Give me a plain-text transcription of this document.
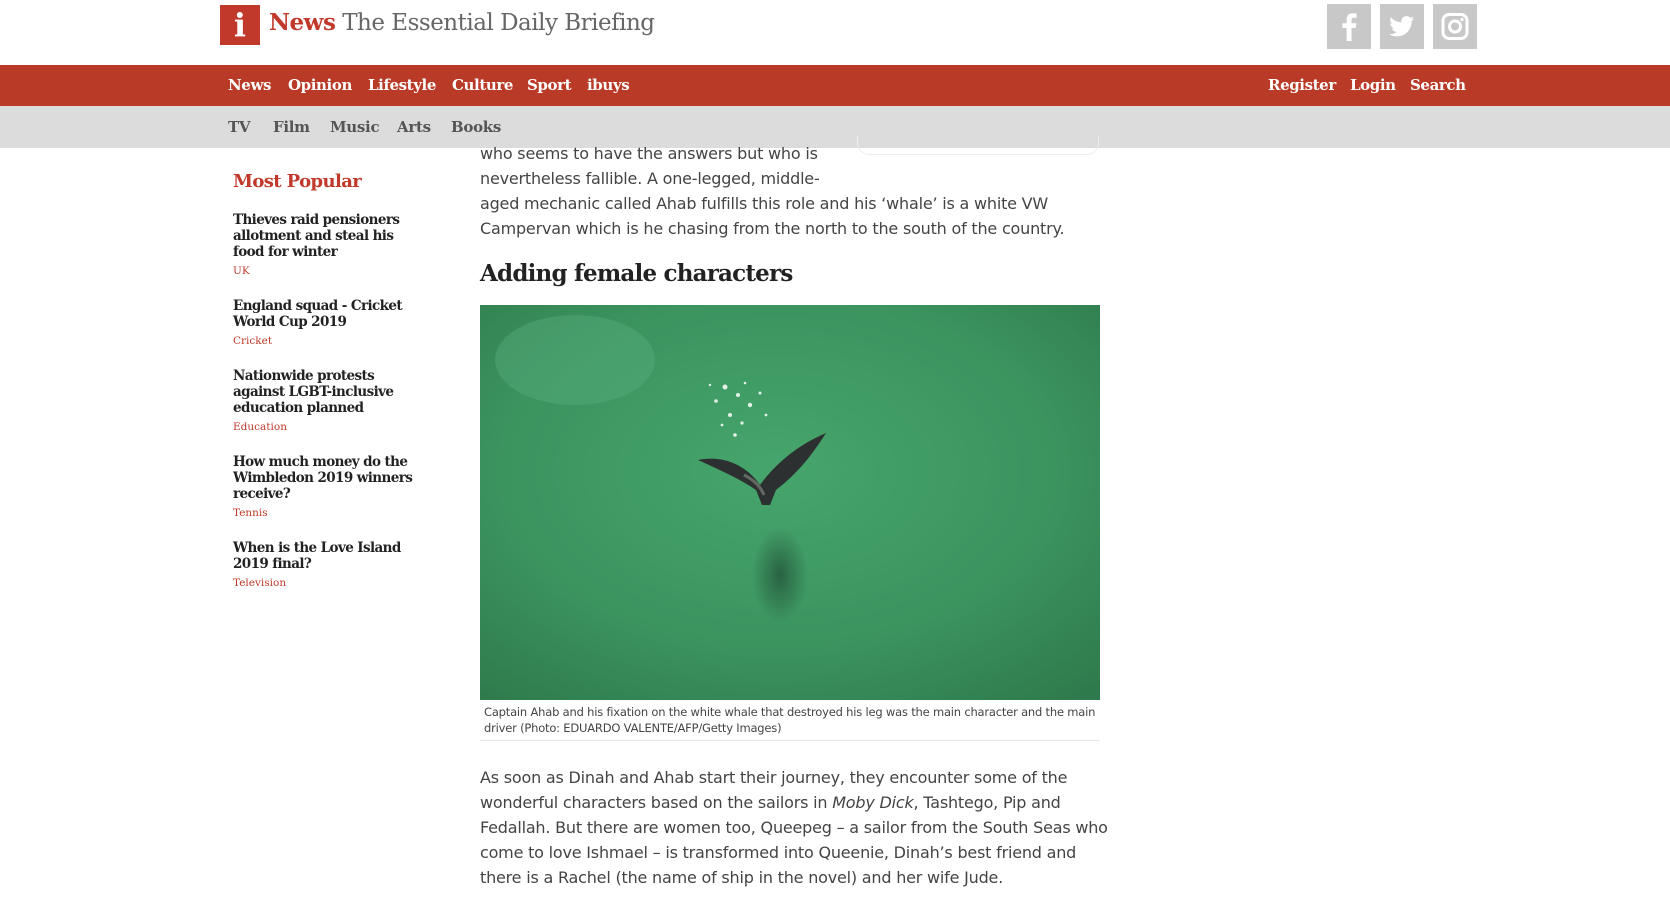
i News The Essential Daily Briefing
News Opinion Lifestyle Culture Sport ibuys	Register Login Search
TV Film Music Arts Books
Most Popular
Thieves raid pensioners allotment and steal his food for winter
UK
England squad - Cricket World Cup 2019
Cricket
Nationwide protests against LGBT-inclusive education planned
Education
How much money do the Wimbledon 2019 winners receive?
Tennis
When is the Love Island 2019 final?
Television
who seems to have the answers but who is
nevertheless fallible. A one-legged, middle-
aged mechanic called Ahab fulfills this role and his ‘whale’ is a white VW
Campervan which is he chasing from the north to the south of the country.
Adding female characters
Captain Ahab and his fixation on the white whale that destroyed his leg was the main character and the main driver (Photo: EDUARDO VALENTE/AFP/Getty Images)
As soon as Dinah and Ahab start their journey, they encounter some of the
wonderful characters based on the sailors in Moby Dick, Tashtego, Pip and
Fedallah. But there are women too, Queepeg – a sailor from the South Seas who
come to love Ishmael – is transformed into Queenie, Dinah’s best friend and
there is a Rachel (the name of ship in the novel) and her wife Jude.
